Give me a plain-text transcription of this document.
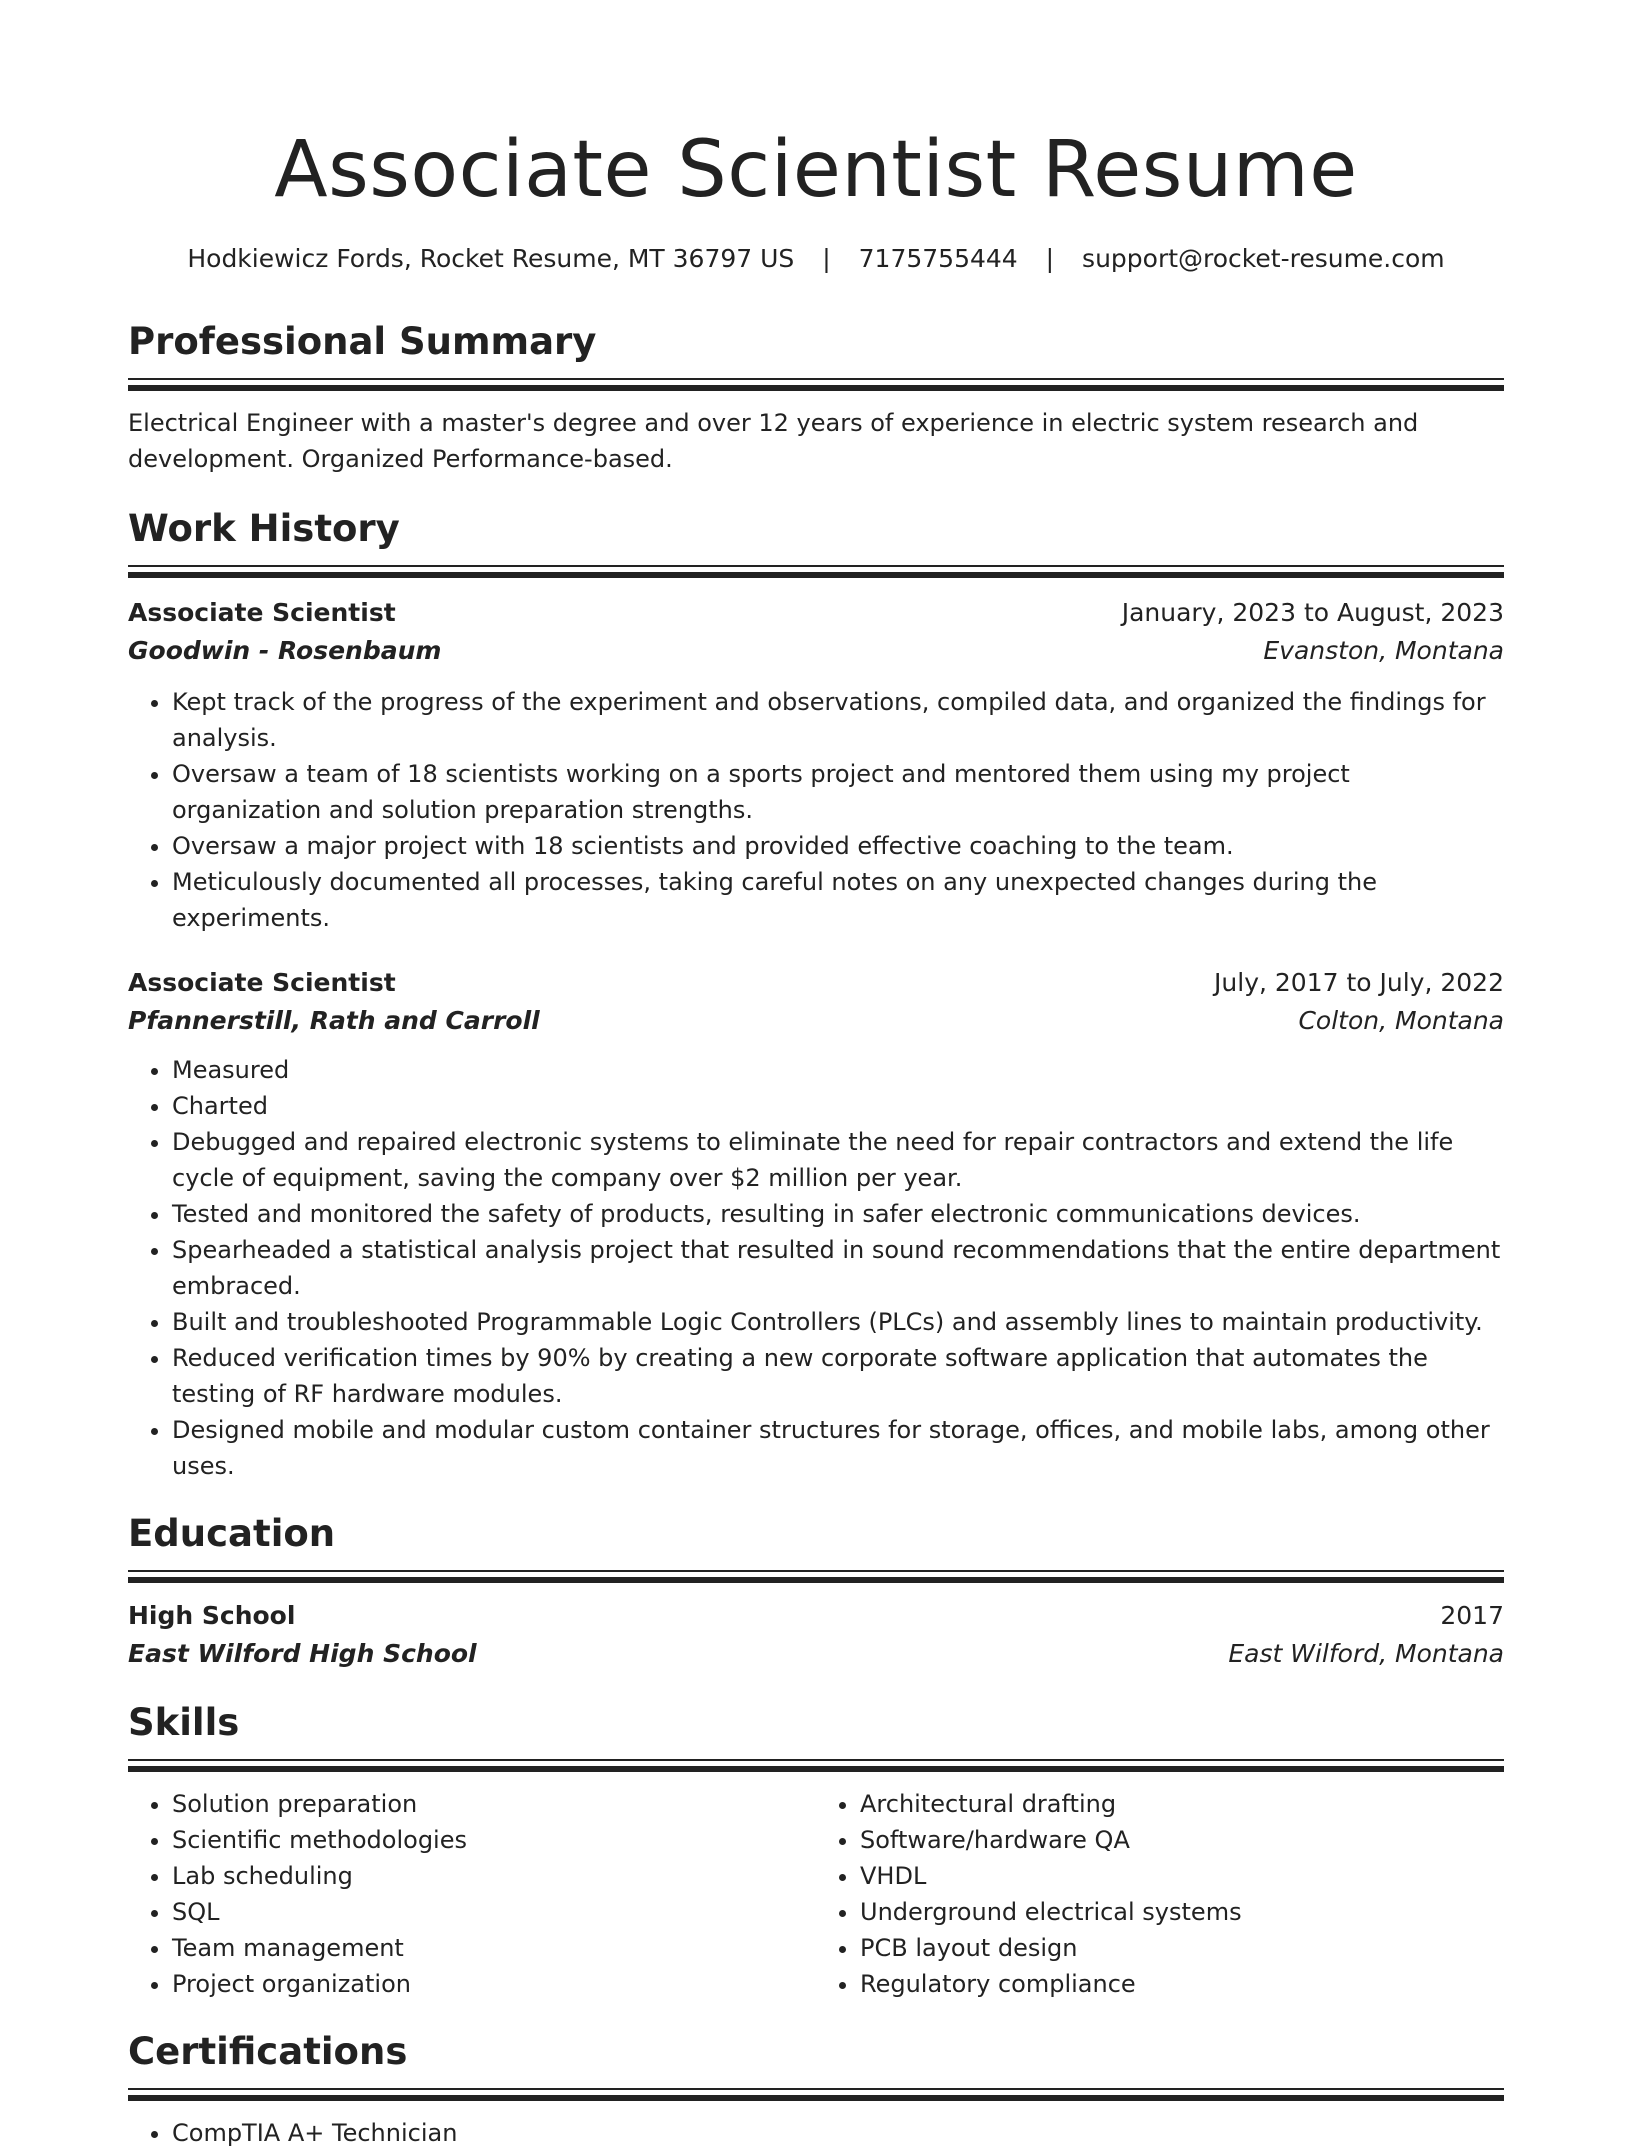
Associate Scientist Resume
Hodkiewicz Fords, Rocket Resume, MT 36797 US | 7175755444 | support@rocket-resume.com
Professional Summary
Electrical Engineer with a master's degree and over 12 years of experience in electric system research and development. Organized Performance-based.
Work History
Associate Scientist	January, 2023 to August, 2023
Goodwin - Rosenbaum	Evanston, Montana
• Kept track of the progress of the experiment and observations, compiled data, and organized the findings for analysis.
• Oversaw a team of 18 scientists working on a sports project and mentored them using my project organization and solution preparation strengths.
• Oversaw a major project with 18 scientists and provided effective coaching to the team.
• Meticulously documented all processes, taking careful notes on any unexpected changes during the experiments.
Associate Scientist	July, 2017 to July, 2022
Pfannerstill, Rath and Carroll	Colton, Montana
• Measured
• Charted
• Debugged and repaired electronic systems to eliminate the need for repair contractors and extend the life cycle of equipment, saving the company over $2 million per year.
• Tested and monitored the safety of products, resulting in safer electronic communications devices.
• Spearheaded a statistical analysis project that resulted in sound recommendations that the entire department embraced.
• Built and troubleshooted Programmable Logic Controllers (PLCs) and assembly lines to maintain productivity.
• Reduced verification times by 90% by creating a new corporate software application that automates the testing of RF hardware modules.
• Designed mobile and modular custom container structures for storage, offices, and mobile labs, among other uses.
Education
High School	2017
East Wilford High School	East Wilford, Montana
Skills
• Solution preparation
• Scientific methodologies
• Lab scheduling
• SQL
• Team management
• Project organization
• Architectural drafting
• Software/hardware QA
• VHDL
• Underground electrical systems
• PCB layout design
• Regulatory compliance
Certifications
• CompTIA A+ Technician
